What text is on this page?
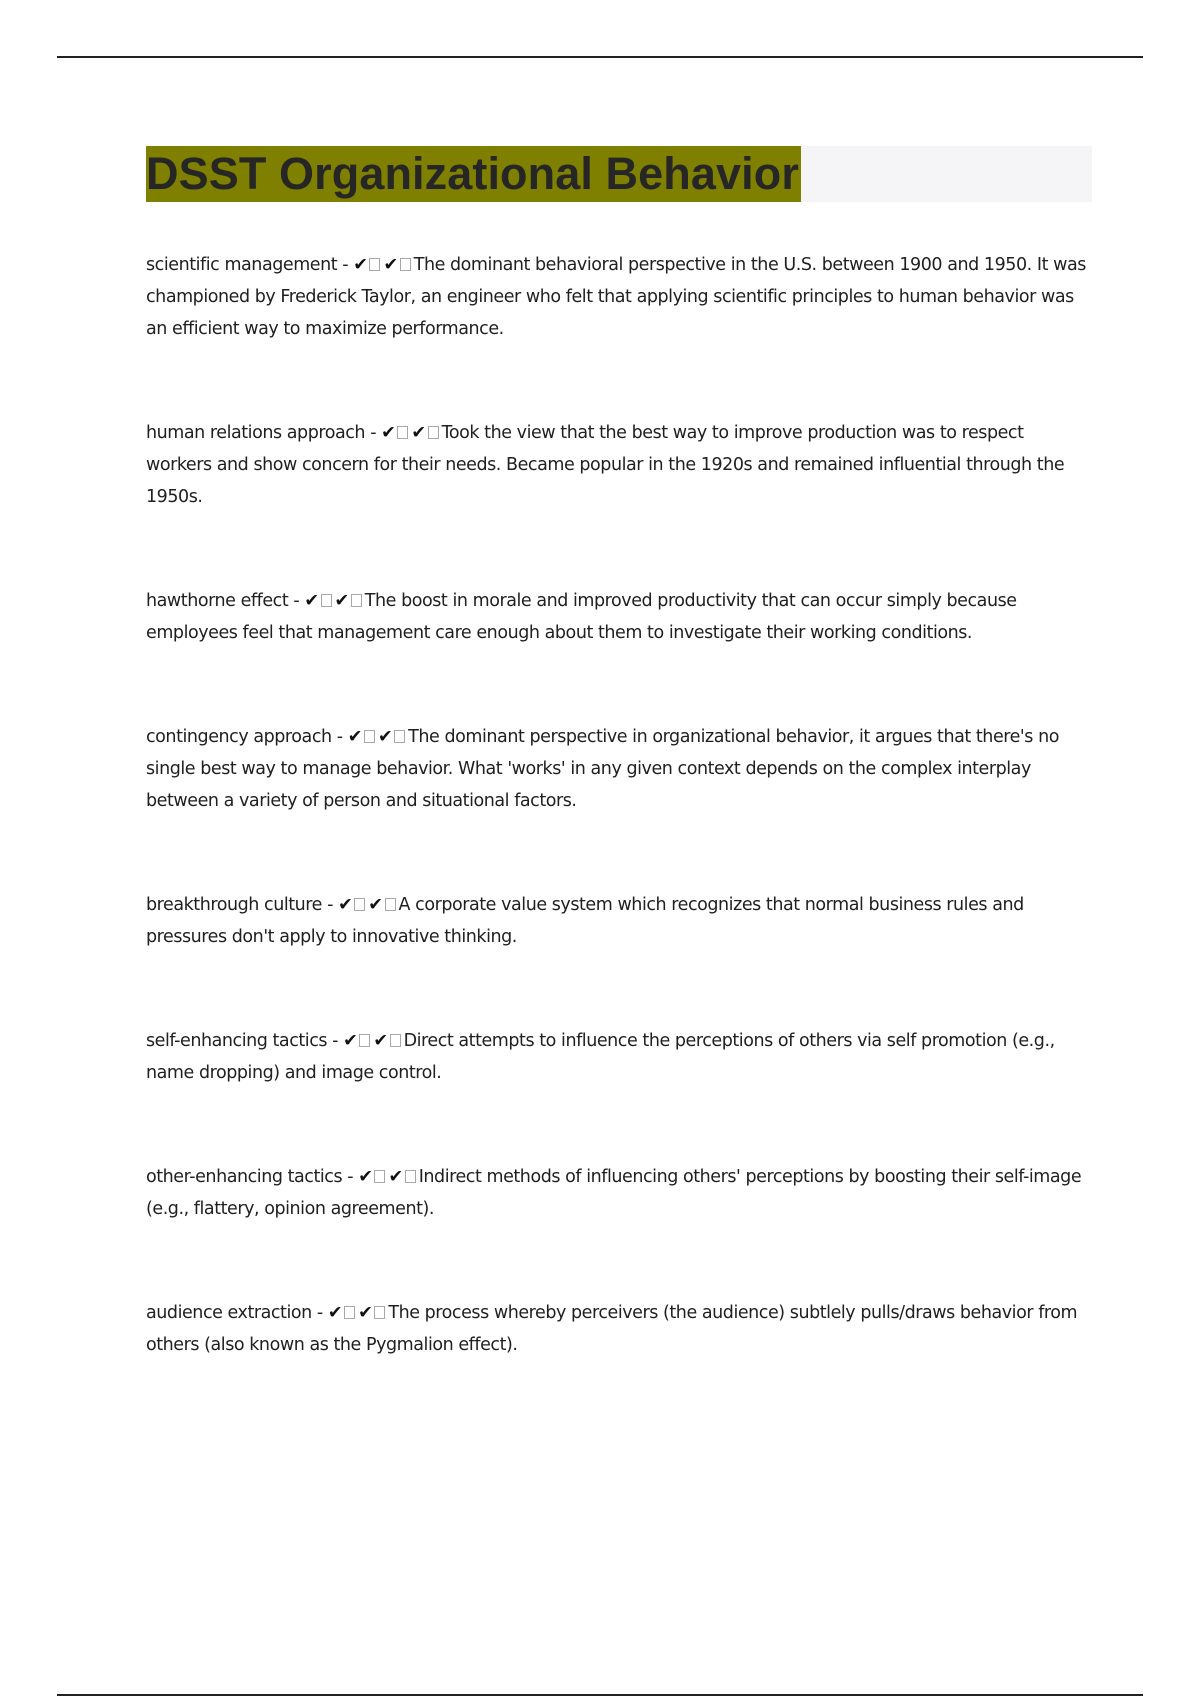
DSST Organizational Behavior

scientific management - ✔ ✔ The dominant behavioral perspective in the U.S. between 1900 and 1950. It was championed by Frederick Taylor, an engineer who felt that applying scientific principles to human behavior was an efficient way to maximize performance.

human relations approach - ✔ ✔ Took the view that the best way to improve production was to respect workers and show concern for their needs. Became popular in the 1920s and remained influential through the 1950s.

hawthorne effect - ✔ ✔ The boost in morale and improved productivity that can occur simply because employees feel that management care enough about them to investigate their working conditions.

contingency approach - ✔ ✔ The dominant perspective in organizational behavior, it argues that there's no single best way to manage behavior. What 'works' in any given context depends on the complex interplay between a variety of person and situational factors.

breakthrough culture - ✔ ✔ A corporate value system which recognizes that normal business rules and pressures don't apply to innovative thinking.

self-enhancing tactics - ✔ ✔ Direct attempts to influence the perceptions of others via self promotion (e.g., name dropping) and image control.

other-enhancing tactics - ✔ ✔ Indirect methods of influencing others' perceptions by boosting their self-image (e.g., flattery, opinion agreement).

audience extraction - ✔ ✔ The process whereby perceivers (the audience) subtlely pulls/draws behavior from others (also known as the Pygmalion effect).
